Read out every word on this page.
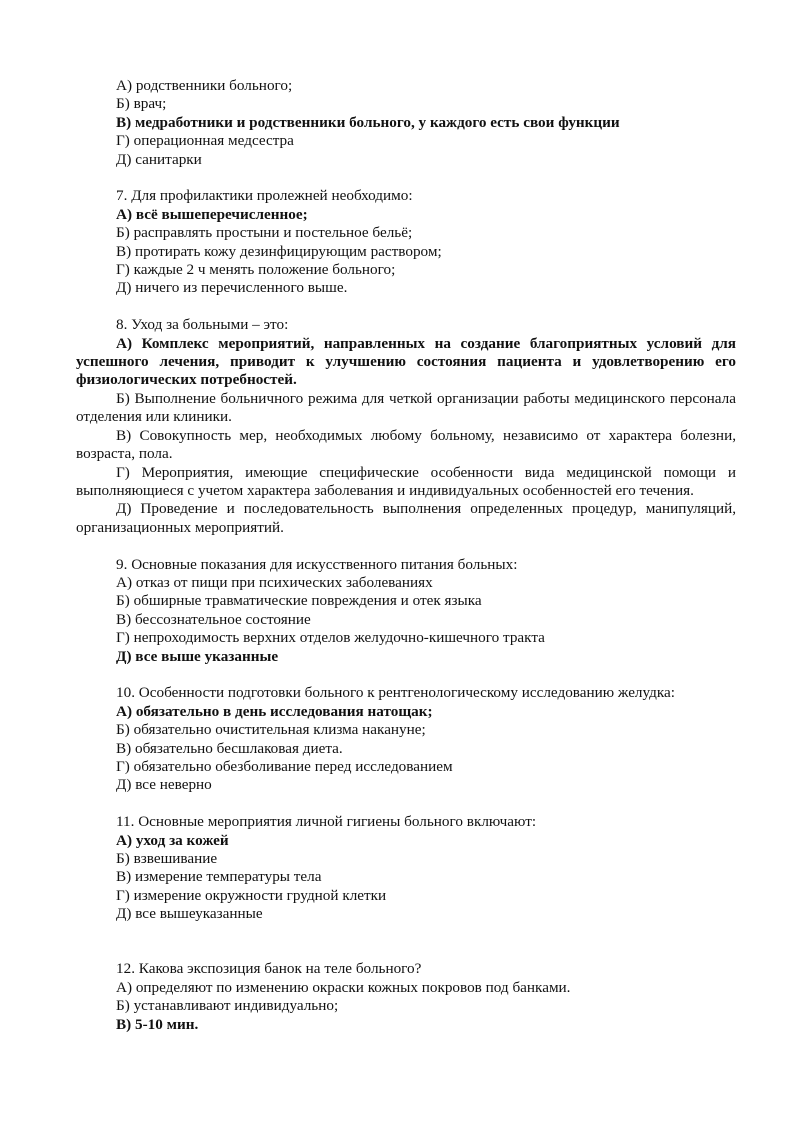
А) родственники больного;
Б) врач;
В) медработники и родственники больного, у каждого есть свои функции
Г) операционная медсестра
Д) санитарки
7. Для профилактики пролежней необходимо:
А) всё вышеперечисленное;
Б) расправлять простыни и постельное бельё;
В) протирать кожу дезинфицирующим раствором;
Г) каждые 2 ч менять положение больного;
Д) ничего из перечисленного выше.
8. Уход за больными – это:
А) Комплекс мероприятий, направленных на создание благоприятных условий для успешного лечения, приводит к улучшению состояния пациента и удовлетворению его физиологических потребностей.
Б) Выполнение больничного режима для четкой организации работы медицинского персонала отделения или клиники.
В) Совокупность мер, необходимых любому больному, независимо от характера болезни, возраста, пола.
Г) Мероприятия, имеющие специфические особенности вида медицинской помощи и выполняющиеся с учетом характера заболевания и индивидуальных особенностей его течения.
Д) Проведение и последовательность выполнения определенных процедур, манипуляций, организационных мероприятий.
9. Основные показания для искусственного питания больных:
А) отказ от пищи при психических заболеваниях
Б) обширные травматические повреждения и отек языка
В) бессознательное состояние
Г) непроходимость верхних отделов желудочно-кишечного тракта
Д) все выше указанные
10. Особенности подготовки больного к рентгенологическому исследованию желудка:
А) обязательно в день исследования натощак;
Б) обязательно очистительная клизма накануне;
В) обязательно бесшлаковая диета.
Г) обязательно обезболивание перед исследованием
Д) все неверно
11. Основные мероприятия личной гигиены больного включают:
А) уход за кожей
Б) взвешивание
В) измерение температуры тела
Г) измерение окружности грудной клетки
Д) все вышеуказанные
12. Какова экспозиция банок на теле больного?
А) определяют по изменению окраски кожных покровов под банками.
Б) устанавливают индивидуально;
В) 5-10 мин.
